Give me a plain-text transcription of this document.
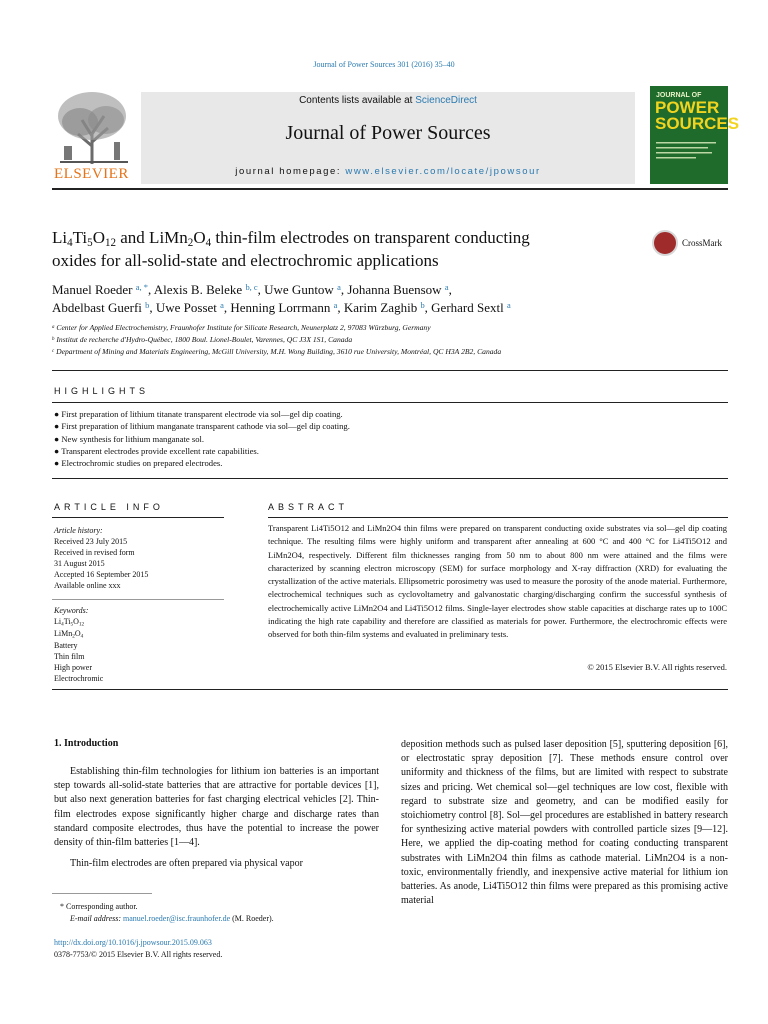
Journal of Power Sources 301 (2016) 35–40
ELSEVIER
Contents lists available at ScienceDirect
Journal of Power Sources
journal homepage: www.elsevier.com/locate/jpowsour
JOURNAL OF
POWER
SOURCES
$Li_4Ti_5O_{12}$ and $LiMn_2O_4$ thin-film electrodes on transparent conducting
oxides for all-solid-state and electrochromic applications
CrossMark
Manuel Roeder $^{a, *}$, Alexis B. Beleke $^{b, c}$, Uwe Guntow $^a$, Johanna Buensow $^a$,
Abdelbast Guerfi $^b$, Uwe Posset $^a$, Henning Lorrmann $^a$, Karim Zaghib $^b$, Gerhard Sextl $^a$
$^a$ Center for Applied Electrochemistry, Fraunhofer Institute for Silicate Research, Neunerplatz 2, 97083 Würzburg, Germany
$^b$ Institut de recherche d'Hydro-Québec, 1800 Boul. Lionel-Boulet, Varennes, QC J3X 1S1, Canada
$^c$ Department of Mining and Materials Engineering, McGill University, M.H. Wong Building, 3610 rue University, Montréal, QC H3A 2B2, Canada
HIGHLIGHTS
● First preparation of lithium titanate transparent electrode via sol—gel dip coating.
● First preparation of lithium manganate transparent cathode via sol—gel dip coating.
● New synthesis for lithium manganate sol.
● Transparent electrodes provide excellent rate capabilities.
● Electrochromic studies on prepared electrodes.
ARTICLE INFO
Article history:
Received 23 July 2015
Received in revised form
31 August 2015
Accepted 16 September 2015
Available online xxx
Keywords:
$Li_4Ti_5O_{12}$
$LiMn_2O_4$
Battery
Thin film
High power
Electrochromic
ABSTRACT
Transparent Li4Ti5O12 and LiMn2O4 thin films were prepared on transparent conducting oxide substrates via sol—gel dip coating technique. The resulting films were highly uniform and transparent after annealing at 600 °C and 400 °C for Li4Ti5O12 and LiMn2O4, respectively. Different film thicknesses ranging from 50 nm to about 800 nm were attained and the films were characterized by scanning electron microscopy (SEM) for surface morphology and X-ray diffraction (XRD) for evaluating the crystallization of the active materials. Ellipsometric porosimetry was used to measure the porosity of the anode material. Furthermore, electrochemical techniques such as cyclovoltametry and galvanostatic charging/discharging confirm the successful synthesis of electrochemically active LiMn2O4 and Li4Ti5O12 films. Single-layer electrodes show stable capacities at discharge rates up to 100C indicating the high rate capability and therefore are classified as materials for power. Furthermore, the electrochromic effects were observed for both thin-film systems and evaluated in preliminary tests.
© 2015 Elsevier B.V. All rights reserved.
1. Introduction
Establishing thin-film technologies for lithium ion batteries is an important step towards all-solid-state batteries that are attractive for portable devices [1], but also next generation batteries for fast charging electrical vehicles [2]. Thin-film electrodes expose significantly higher charge and discharge rates than standard composite electrodes, thus have the potential to increase the power density of thin-film batteries [1—4].
Thin-film electrodes are often prepared via physical vapor
deposition methods such as pulsed laser deposition [5], sputtering deposition [6], or electrostatic spray deposition [7]. These methods ensure control over uniformity and thickness of the films, but are limited with respect to substrate sizes and pricing. Wet chemical sol—gel techniques are low cost, flexible with regard to substrate size and geometry, and can be modified easily for stoichiometry control [8]. Sol—gel procedures are established in battery research for synthesizing active material powders with controlled particle sizes [9—12]. Here, we applied the dip-coating method for coating conducting transparent substrates with LiMn2O4 thin films as cathode material. LiMn2O4 is a non-toxic, environmentally friendly, and inexpensive active material for lithium ion batteries. As anode, Li4Ti5O12 thin films were prepared as this promising active material
* Corresponding author.
E-mail address: manuel.roeder@isc.fraunhofer.de (M. Roeder).
http://dx.doi.org/10.1016/j.jpowsour.2015.09.063
0378-7753/© 2015 Elsevier B.V. All rights reserved.
